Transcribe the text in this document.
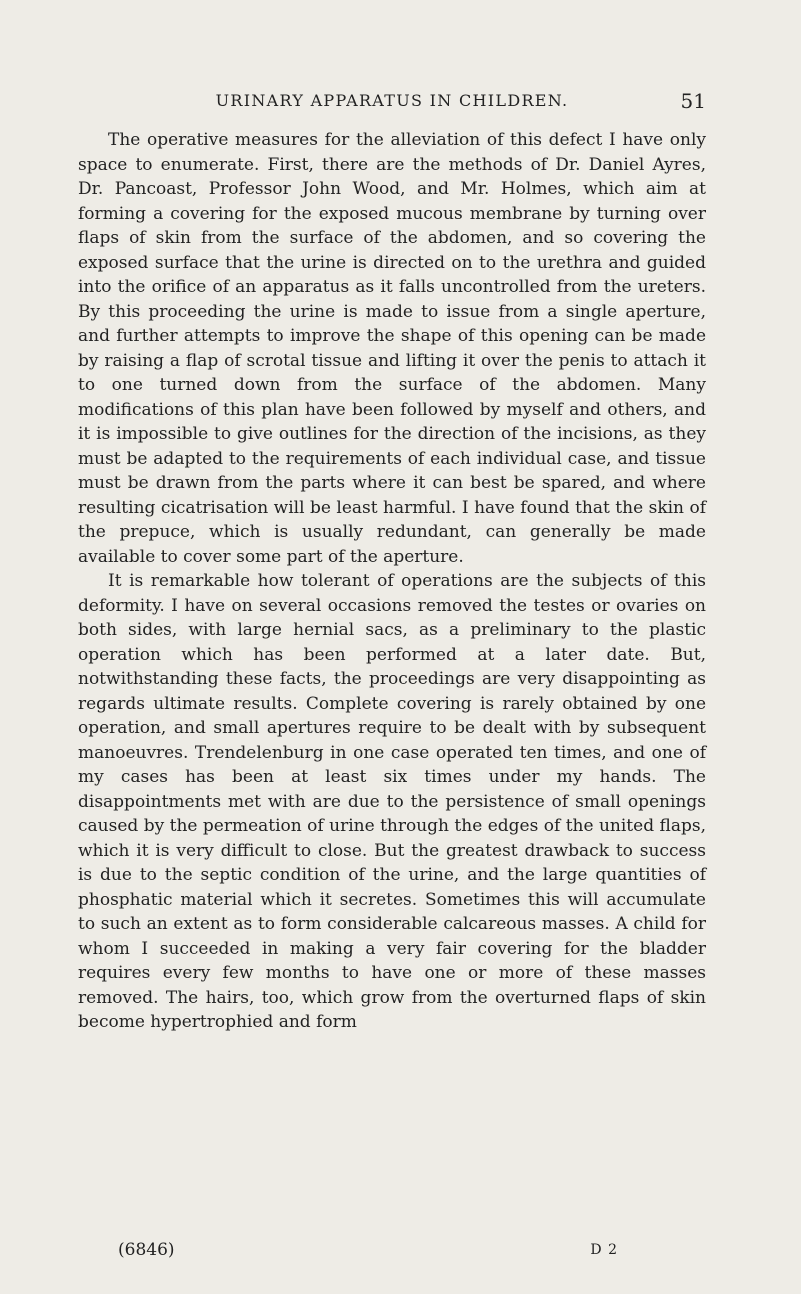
URINARY APPARATUS IN CHILDREN.	51

The operative measures for the alleviation of this defect I have only space to enumerate. First, there are the methods of Dr. Daniel Ayres, Dr. Pancoast, Professor John Wood, and Mr. Holmes, which aim at forming a covering for the exposed mucous membrane by turning over flaps of skin from the surface of the abdomen, and so covering the exposed surface that the urine is directed on to the urethra and guided into the orifice of an apparatus as it falls uncontrolled from the ureters. By this proceeding the urine is made to issue from a single aperture, and further attempts to improve the shape of this opening can be made by raising a flap of scrotal tissue and lifting it over the penis to attach it to one turned down from the surface of the abdomen. Many modifications of this plan have been followed by myself and others, and it is impossible to give outlines for the direction of the incisions, as they must be adapted to the requirements of each individual case, and tissue must be drawn from the parts where it can best be spared, and where resulting cicatrisation will be least harmful. I have found that the skin of the prepuce, which is usually redundant, can generally be made available to cover some part of the aperture.

It is remarkable how tolerant of operations are the subjects of this deformity. I have on several occasions removed the testes or ovaries on both sides, with large hernial sacs, as a preliminary to the plastic operation which has been performed at a later date. But, notwithstanding these facts, the proceedings are very disappointing as regards ultimate results. Complete covering is rarely obtained by one operation, and small apertures require to be dealt with by subsequent manoeuvres. Trendelenburg in one case operated ten times, and one of my cases has been at least six times under my hands. The disappointments met with are due to the persistence of small openings caused by the permeation of urine through the edges of the united flaps, which it is very difficult to close. But the greatest drawback to success is due to the septic condition of the urine, and the large quantities of phosphatic material which it secretes. Sometimes this will accumulate to such an extent as to form considerable calcareous masses. A child for whom I succeeded in making a very fair covering for the bladder requires every few months to have one or more of these masses removed. The hairs, too, which grow from the overturned flaps of skin become hypertrophied and form

(6846)	D 2
